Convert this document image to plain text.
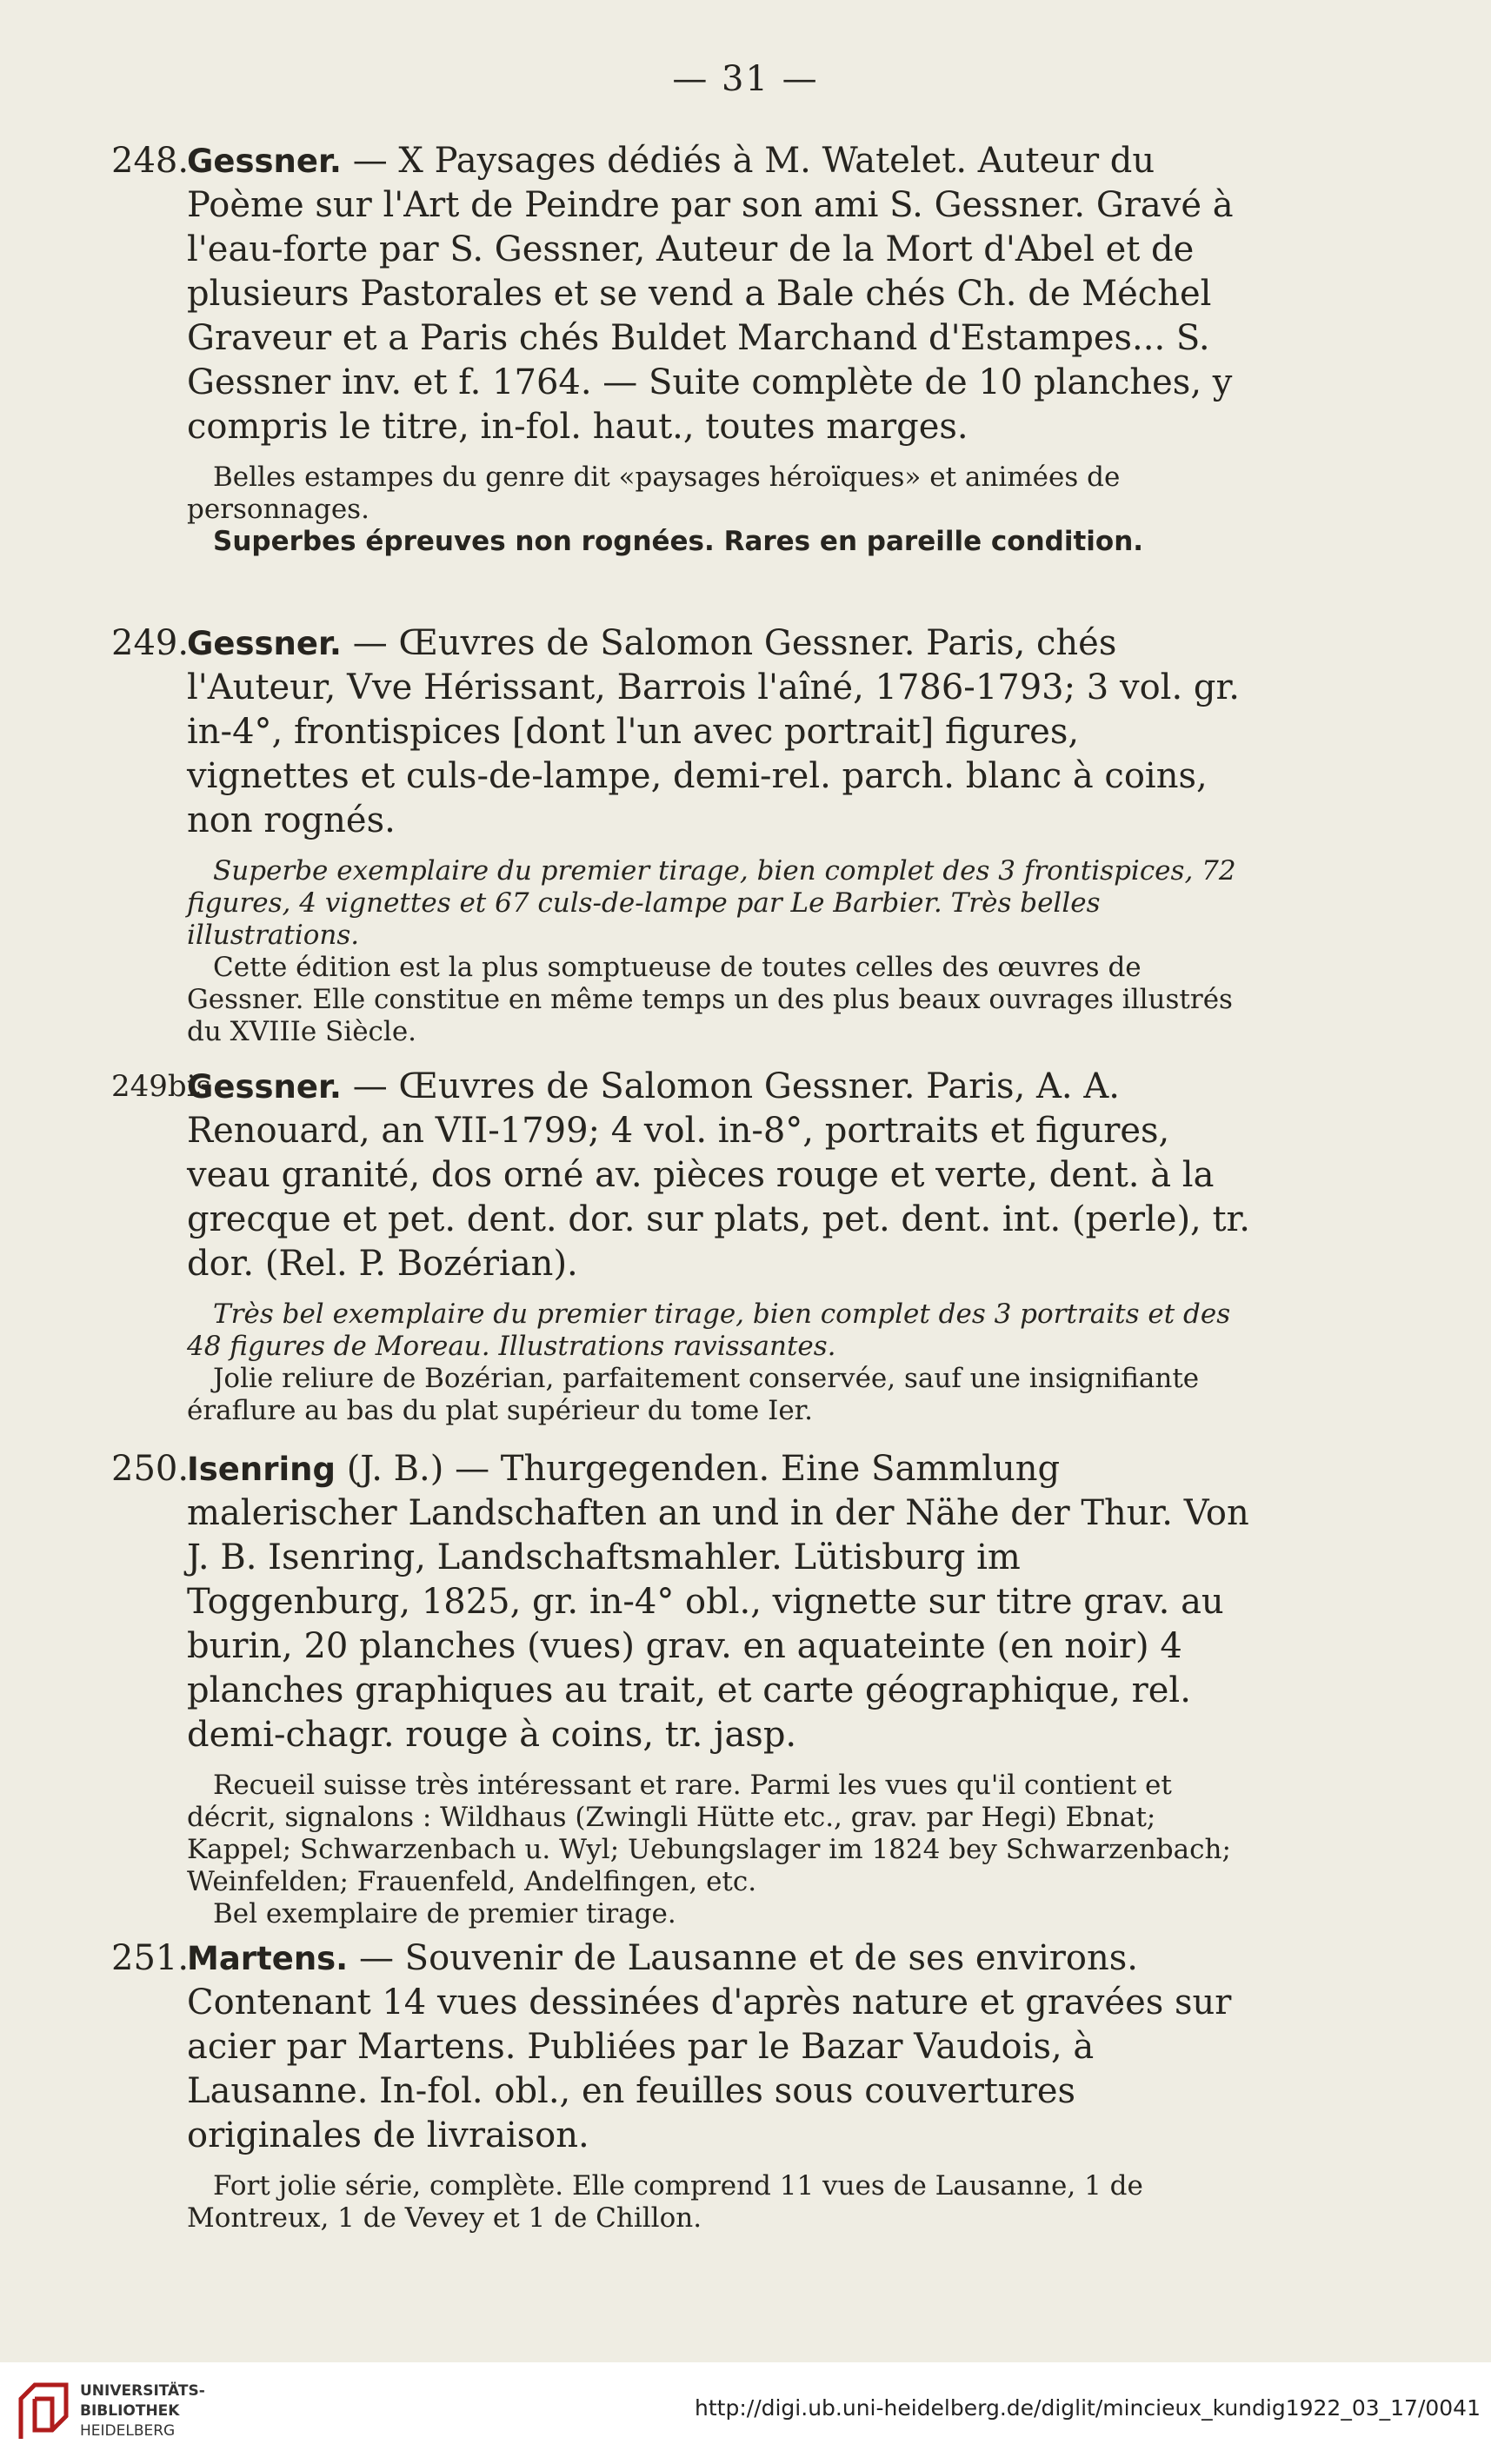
— 31 —
248.
Gessner. — X Paysages dédiés à M. Watelet. Auteur du Poème sur l'Art de Peindre par son ami S. Gessner. Gravé à l'eau-forte par S. Gessner, Auteur de la Mort d'Abel et de plusieurs Pastorales et se vend a Bale chés Ch. de Méchel Graveur et a Paris chés Buldet Marchand d'Estampes... S. Gessner inv. et f. 1764. — Suite complète de 10 planches, y compris le titre, in-fol. haut., toutes marges.
Belles estampes du genre dit «paysages héroïques» et animées de personnages.
Superbes épreuves non rognées. Rares en pareille condition.
249.
Gessner. — Œuvres de Salomon Gessner. Paris, chés l'Auteur, Vve Hérissant, Barrois l'aîné, 1786-1793; 3 vol. gr. in-4°, frontispices [dont l'un avec portrait] figures, vignettes et culs-de-lampe, demi-rel. parch. blanc à coins, non rognés.
Superbe exemplaire du premier tirage, bien complet des 3 frontispices, 72 figures, 4 vignettes et 67 culs-de-lampe par Le Barbier. Très belles illustrations.
Cette édition est la plus somptueuse de toutes celles des œuvres de Gessner. Elle constitue en même temps un des plus beaux ouvrages illustrés du XVIIIe Siècle.
249bis
Gessner. — Œuvres de Salomon Gessner. Paris, A. A. Renouard, an VII-1799; 4 vol. in-8°, portraits et figures, veau granité, dos orné av. pièces rouge et verte, dent. à la grecque et pet. dent. dor. sur plats, pet. dent. int. (perle), tr. dor. (Rel. P. Bozérian).
Très bel exemplaire du premier tirage, bien complet des 3 portraits et des 48 figures de Moreau. Illustrations ravissantes.
Jolie reliure de Bozérian, parfaitement conservée, sauf une insignifiante éraflure au bas du plat supérieur du tome Ier.
250.
Isenring (J. B.) — Thurgegenden. Eine Sammlung malerischer Landschaften an und in der Nähe der Thur. Von J. B. Isenring, Landschaftsmahler. Lütisburg im Toggenburg, 1825, gr. in-4° obl., vignette sur titre grav. au burin, 20 planches (vues) grav. en aquateinte (en noir) 4 planches graphiques au trait, et carte géographique, rel. demi-chagr. rouge à coins, tr. jasp.
Recueil suisse très intéressant et rare. Parmi les vues qu'il contient et décrit, signalons : Wildhaus (Zwingli Hütte etc., grav. par Hegi) Ebnat; Kappel; Schwarzenbach u. Wyl; Uebungslager im 1824 bey Schwarzenbach; Weinfelden; Frauenfeld, Andelfingen, etc.
Bel exemplaire de premier tirage.
251.
Martens. — Souvenir de Lausanne et de ses environs. Contenant 14 vues dessinées d'après nature et gravées sur acier par Martens. Publiées par le Bazar Vaudois, à Lausanne. In-fol. obl., en feuilles sous couvertures originales de livraison.
Fort jolie série, complète. Elle comprend 11 vues de Lausanne, 1 de Montreux, 1 de Vevey et 1 de Chillon.
UNIVERSITÄTS-
BIBLIOTHEK
HEIDELBERG
http://digi.ub.uni-heidelberg.de/diglit/mincieux_kundig1922_03_17/0041
